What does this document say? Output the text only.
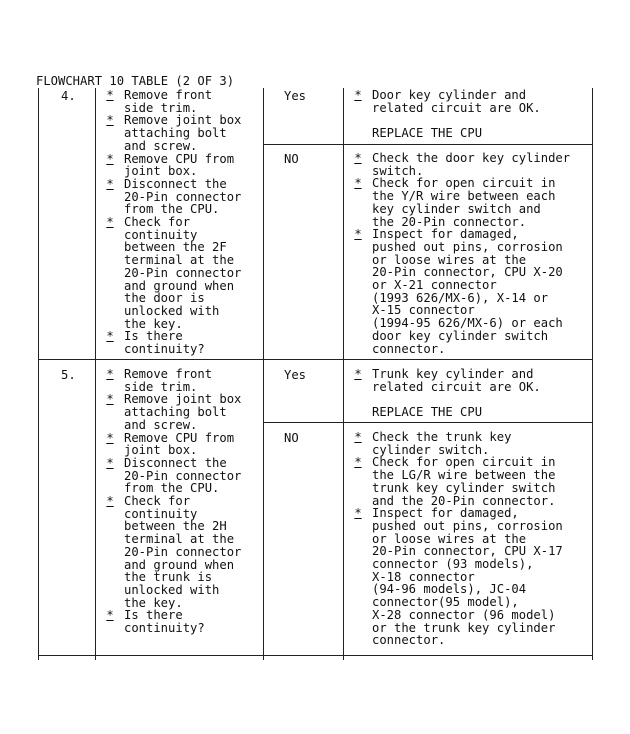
FLOWCHART 10 TABLE (2 OF 3)
4.	* Remove front
side trim.
* Remove joint box
attaching bolt
and screw.
* Remove CPU from
joint box.
* Disconnect the
20-Pin connector
from the CPU.
* Check for
continuity
between the 2F
terminal at the
20-Pin connector
and ground when
the door is
unlocked with
the key.
* Is there
continuity?
Yes	* Door key cylinder and
related circuit are OK.
REPLACE THE CPU
NO	* Check the door key cylinder
switch.
* Check for open circuit in
the Y/R wire between each
key cylinder switch and
the 20-Pin connector.
* Inspect for damaged,
pushed out pins, corrosion
or loose wires at the
20-Pin connector, CPU X-20
or X-21 connector
(1993 626/MX-6), X-14 or
X-15 connector
(1994-95 626/MX-6) or each
door key cylinder switch
connector.
5.	* Remove front
side trim.
* Remove joint box
attaching bolt
and screw.
* Remove CPU from
joint box.
* Disconnect the
20-Pin connector
from the CPU.
* Check for
continuity
between the 2H
terminal at the
20-Pin connector
and ground when
the trunk is
unlocked with
the key.
* Is there
continuity?
Yes	* Trunk key cylinder and
related circuit are OK.
REPLACE THE CPU
NO	* Check the trunk key
cylinder switch.
* Check for open circuit in
the LG/R wire between the
trunk key cylinder switch
and the 20-Pin connector.
* Inspect for damaged,
pushed out pins, corrosion
or loose wires at the
20-Pin connector, CPU X-17
connector (93 models),
X-18 connector
(94-96 models), JC-04
connector(95 model),
X-28 connector (96 model)
or the trunk key cylinder
connector.
